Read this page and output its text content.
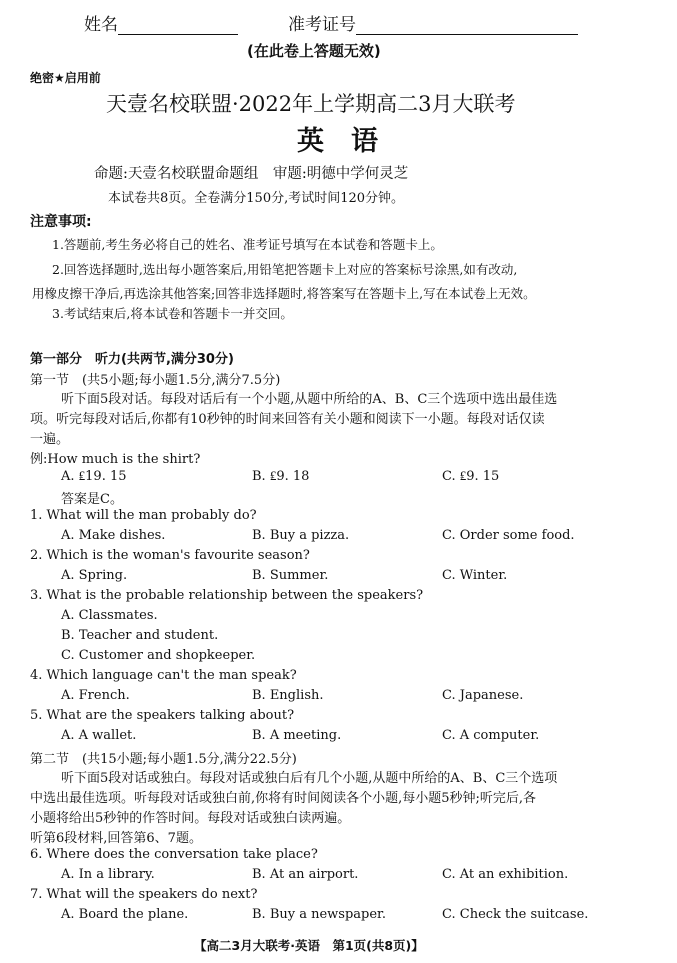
姓名	准考证号
(在此卷上答题无效)
绝密★启用前
天壹名校联盟·2022年上学期高二3月大联考
英　语
命题:天壹名校联盟命题组　审题:明德中学何灵芝
本试卷共8页。全卷满分150分,考试时间120分钟。
注意事项:
1.答题前,考生务必将自己的姓名、准考证号填写在本试卷和答题卡上。
2.回答选择题时,选出每小题答案后,用铅笔把答题卡上对应的答案标号涂黑,如有改动,
用橡皮擦干净后,再选涂其他答案;回答非选择题时,将答案写在答题卡上,写在本试卷上无效。
3.考试结束后,将本试卷和答题卡一并交回。
第一部分　听力(共两节,满分30分)
第一节　(共5小题;每小题1.5分,满分7.5分)
听下面5段对话。每段对话后有一个小题,从题中所给的A、B、C三个选项中选出最佳选
项。听完每段对话后,你都有10秒钟的时间来回答有关小题和阅读下一小题。每段对话仅读
一遍。
例:How much is the shirt?
A. ₤19. 15	B. ₤9. 18	C. ₤9. 15
答案是C。
1. What will the man probably do?
A. Make dishes.	B. Buy a pizza.	C. Order some food.
2. Which is the woman's favourite season?
A. Spring.	B. Summer.	C. Winter.
3. What is the probable relationship between the speakers?
A. Classmates.
B. Teacher and student.
C. Customer and shopkeeper.
4. Which language can't the man speak?
A. French.	B. English.	C. Japanese.
5. What are the speakers talking about?
A. A wallet.	B. A meeting.	C. A computer.
第二节　(共15小题;每小题1.5分,满分22.5分)
听下面5段对话或独白。每段对话或独白后有几个小题,从题中所给的A、B、C三个选项
中选出最佳选项。听每段对话或独白前,你将有时间阅读各个小题,每小题5秒钟;听完后,各
小题将给出5秒钟的作答时间。每段对话或独白读两遍。
听第6段材料,回答第6、7题。
6. Where does the conversation take place?
A. In a library.	B. At an airport.	C. At an exhibition.
7. What will the speakers do next?
A. Board the plane.	B. Buy a newspaper.	C. Check the suitcase.
【高二3月大联考·英语　第1页(共8页)】
